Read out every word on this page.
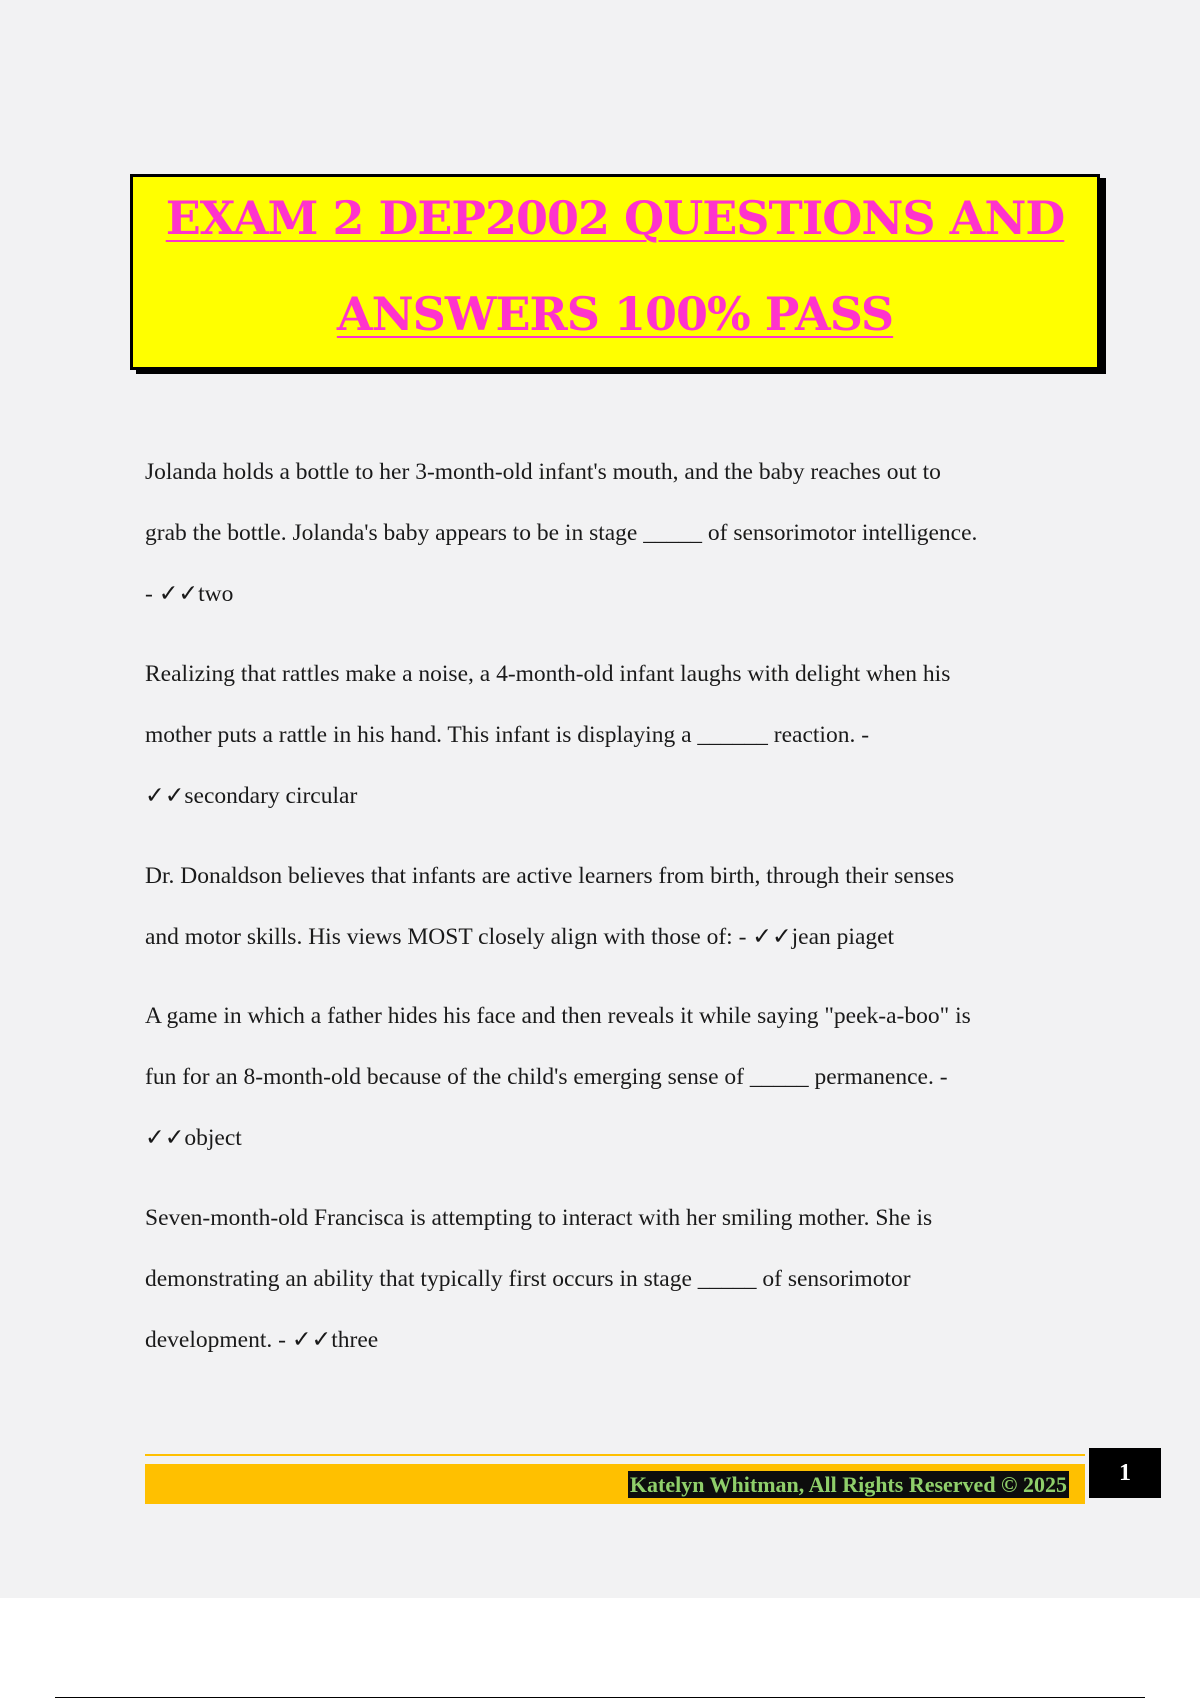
EXAM 2 DEP2002 QUESTIONS AND
ANSWERS 100% PASS
Jolanda holds a bottle to her 3-month-old infant's mouth, and the baby reaches out to
grab the bottle. Jolanda's baby appears to be in stage _____ of sensorimotor intelligence.
- ✓✓two
Realizing that rattles make a noise, a 4-month-old infant laughs with delight when his
mother puts a rattle in his hand. This infant is displaying a ______ reaction. -
✓✓secondary circular
Dr. Donaldson believes that infants are active learners from birth, through their senses
and motor skills. His views MOST closely align with those of: - ✓✓jean piaget
A game in which a father hides his face and then reveals it while saying "peek-a-boo" is
fun for an 8-month-old because of the child's emerging sense of _____ permanence. -
✓✓object
Seven-month-old Francisca is attempting to interact with her smiling mother. She is
demonstrating an ability that typically first occurs in stage _____ of sensorimotor
development. - ✓✓three
Katelyn Whitman, All Rights Reserved © 2025	1
